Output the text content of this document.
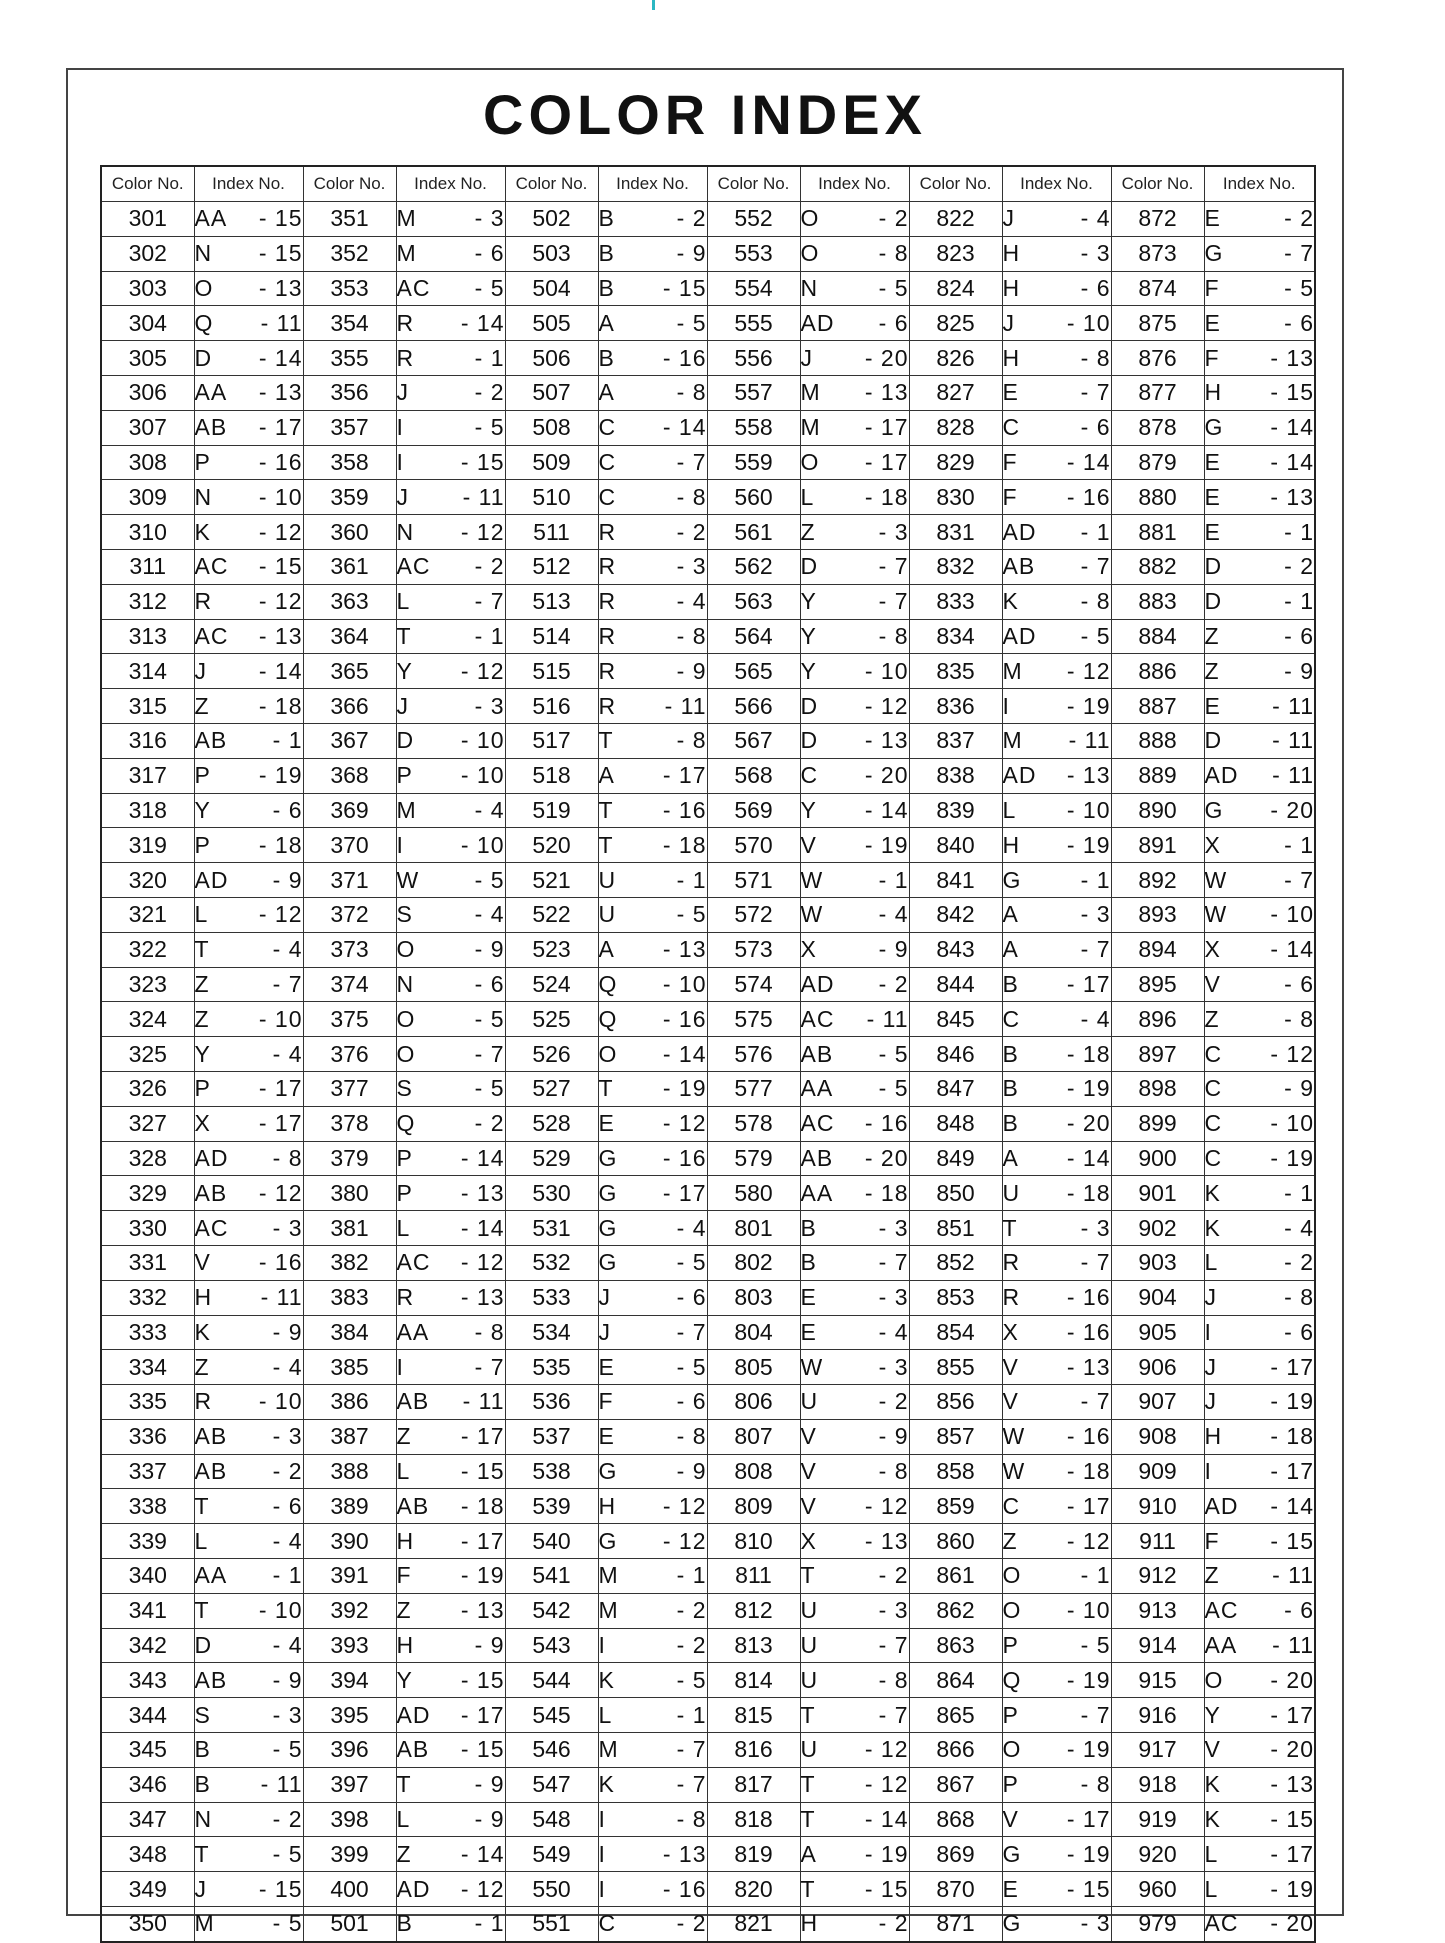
COLOR INDEX
Color No.	Index No.	Color No.	Index No.	Color No.	Index No.	Color No.	Index No.	Color No.	Index No.	Color No.	Index No.
301	AA - 15	351	M - 3	502	B - 2	552	O - 2	822	J - 4	872	E - 2

302	N - 15	352	M - 6	503	B - 9	553	O - 8	823	H - 3	873	G - 7

303	O - 13	353	AC - 5	504	B - 15	554	N - 5	824	H - 6	874	F - 5

304	Q - 11	354	R - 14	505	A - 5	555	AD - 6	825	J - 10	875	E - 6

305	D - 14	355	R - 1	506	B - 16	556	J - 20	826	H - 8	876	F - 13

306	AA - 13	356	J - 2	507	A - 8	557	M - 13	827	E - 7	877	H - 15

307	AB - 17	357	I - 5	508	C - 14	558	M - 17	828	C - 6	878	G - 14

308	P - 16	358	I - 15	509	C - 7	559	O - 17	829	F - 14	879	E - 14

309	N - 10	359	J - 11	510	C - 8	560	L - 18	830	F - 16	880	E - 13

310	K - 12	360	N - 12	511	R - 2	561	Z - 3	831	AD - 1	881	E - 1

311	AC - 15	361	AC - 2	512	R - 3	562	D - 7	832	AB - 7	882	D - 2

312	R - 12	363	L - 7	513	R - 4	563	Y - 7	833	K - 8	883	D - 1

313	AC - 13	364	T - 1	514	R - 8	564	Y - 8	834	AD - 5	884	Z - 6

314	J - 14	365	Y - 12	515	R - 9	565	Y - 10	835	M - 12	886	Z - 9

315	Z - 18	366	J - 3	516	R - 11	566	D - 12	836	I - 19	887	E - 11

316	AB - 1	367	D - 10	517	T - 8	567	D - 13	837	M - 11	888	D - 11

317	P - 19	368	P - 10	518	A - 17	568	C - 20	838	AD - 13	889	AD - 11

318	Y - 6	369	M - 4	519	T - 16	569	Y - 14	839	L - 10	890	G - 20

319	P - 18	370	I - 10	520	T - 18	570	V - 19	840	H - 19	891	X - 1

320	AD - 9	371	W - 5	521	U - 1	571	W - 1	841	G - 1	892	W - 7

321	L - 12	372	S - 4	522	U - 5	572	W - 4	842	A - 3	893	W - 10

322	T - 4	373	O - 9	523	A - 13	573	X - 9	843	A - 7	894	X - 14

323	Z - 7	374	N - 6	524	Q - 10	574	AD - 2	844	B - 17	895	V - 6

324	Z - 10	375	O - 5	525	Q - 16	575	AC - 11	845	C - 4	896	Z - 8

325	Y - 4	376	O - 7	526	O - 14	576	AB - 5	846	B - 18	897	C - 12

326	P - 17	377	S - 5	527	T - 19	577	AA - 5	847	B - 19	898	C - 9

327	X - 17	378	Q - 2	528	E - 12	578	AC - 16	848	B - 20	899	C - 10

328	AD - 8	379	P - 14	529	G - 16	579	AB - 20	849	A - 14	900	C - 19

329	AB - 12	380	P - 13	530	G - 17	580	AA - 18	850	U - 18	901	K - 1

330	AC - 3	381	L - 14	531	G - 4	801	B - 3	851	T - 3	902	K - 4

331	V - 16	382	AC - 12	532	G - 5	802	B - 7	852	R - 7	903	L - 2

332	H - 11	383	R - 13	533	J - 6	803	E - 3	853	R - 16	904	J - 8

333	K - 9	384	AA - 8	534	J - 7	804	E - 4	854	X - 16	905	I - 6

334	Z - 4	385	I - 7	535	E - 5	805	W - 3	855	V - 13	906	J - 17

335	R - 10	386	AB - 11	536	F - 6	806	U - 2	856	V - 7	907	J - 19

336	AB - 3	387	Z - 17	537	E - 8	807	V - 9	857	W - 16	908	H - 18

337	AB - 2	388	L - 15	538	G - 9	808	V - 8	858	W - 18	909	I - 17

338	T - 6	389	AB - 18	539	H - 12	809	V - 12	859	C - 17	910	AD - 14

339	L - 4	390	H - 17	540	G - 12	810	X - 13	860	Z - 12	911	F - 15

340	AA - 1	391	F - 19	541	M - 1	811	T - 2	861	O - 1	912	Z - 11

341	T - 10	392	Z - 13	542	M - 2	812	U - 3	862	O - 10	913	AC - 6

342	D - 4	393	H - 9	543	I - 2	813	U - 7	863	P - 5	914	AA - 11

343	AB - 9	394	Y - 15	544	K - 5	814	U - 8	864	Q - 19	915	O - 20

344	S - 3	395	AD - 17	545	L - 1	815	T - 7	865	P - 7	916	Y - 17

345	B - 5	396	AB - 15	546	M - 7	816	U - 12	866	O - 19	917	V - 20

346	B - 11	397	T - 9	547	K - 7	817	T - 12	867	P - 8	918	K - 13

347	N - 2	398	L - 9	548	I - 8	818	T - 14	868	V - 17	919	K - 15

348	T - 5	399	Z - 14	549	I - 13	819	A - 19	869	G - 19	920	L - 17

349	J - 15	400	AD - 12	550	I - 16	820	T - 15	870	E - 15	960	L - 19

350	M - 5	501	B - 1	551	C - 2	821	H - 2	871	G - 3	979	AC - 20
